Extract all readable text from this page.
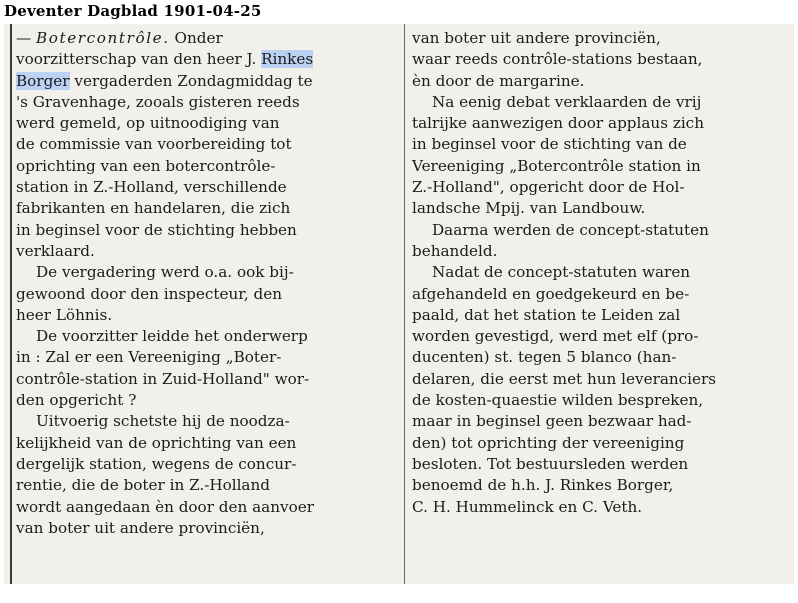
Deventer Dagblad 1901-04-25
— Botercontrôle. Onder
voorzitterschap van den heer J. Rinkes
Borger vergaderden Zondagmiddag te
's Gravenhage, zooals gisteren reeds
werd gemeld, op uitnoodiging van
de commissie van voorbereiding tot
oprichting van een botercontrôle-
station in Z.-Holland, verschillende
fabrikanten en handelaren, die zich
in beginsel voor de stichting hebben
verklaard.
De vergadering werd o.a. ook bij-
gewoond door den inspecteur, den
heer Löhnis.
De voorzitter leidde het onderwerp
in : Zal er een Vereeniging „Boter-
contrôle-station in Zuid-Holland" wor-
den opgericht ?
Uitvoerig schetste hij de noodza-
kelijkheid van de oprichting van een
dergelijk station, wegens de concur-
rentie, die de boter in Z.-Holland
wordt aangedaan èn door den aanvoer
van boter uit andere provinciën,
van boter uit andere provinciën,
waar reeds contrôle-stations bestaan,
èn door de margarine.
Na eenig debat verklaarden de vrij
talrijke aanwezigen door applaus zich
in beginsel voor de stichting van de
Vereeniging „Botercontrôle station in
Z.-Holland", opgericht door de Hol-
landsche Mpij. van Landbouw.
Daarna werden de concept-statuten
behandeld.
Nadat de concept-statuten waren
afgehandeld en goedgekeurd en be-
paald, dat het station te Leiden zal
worden gevestigd, werd met elf (pro-
ducenten) st. tegen 5 blanco (han-
delaren, die eerst met hun leveranciers
de kosten-quaestie wilden bespreken,
maar in beginsel geen bezwaar had-
den) tot oprichting der vereeniging
besloten. Tot bestuursleden werden
benoemd de h.h. J. Rinkes Borger,
C. H. Hummelinck en C. Veth.
